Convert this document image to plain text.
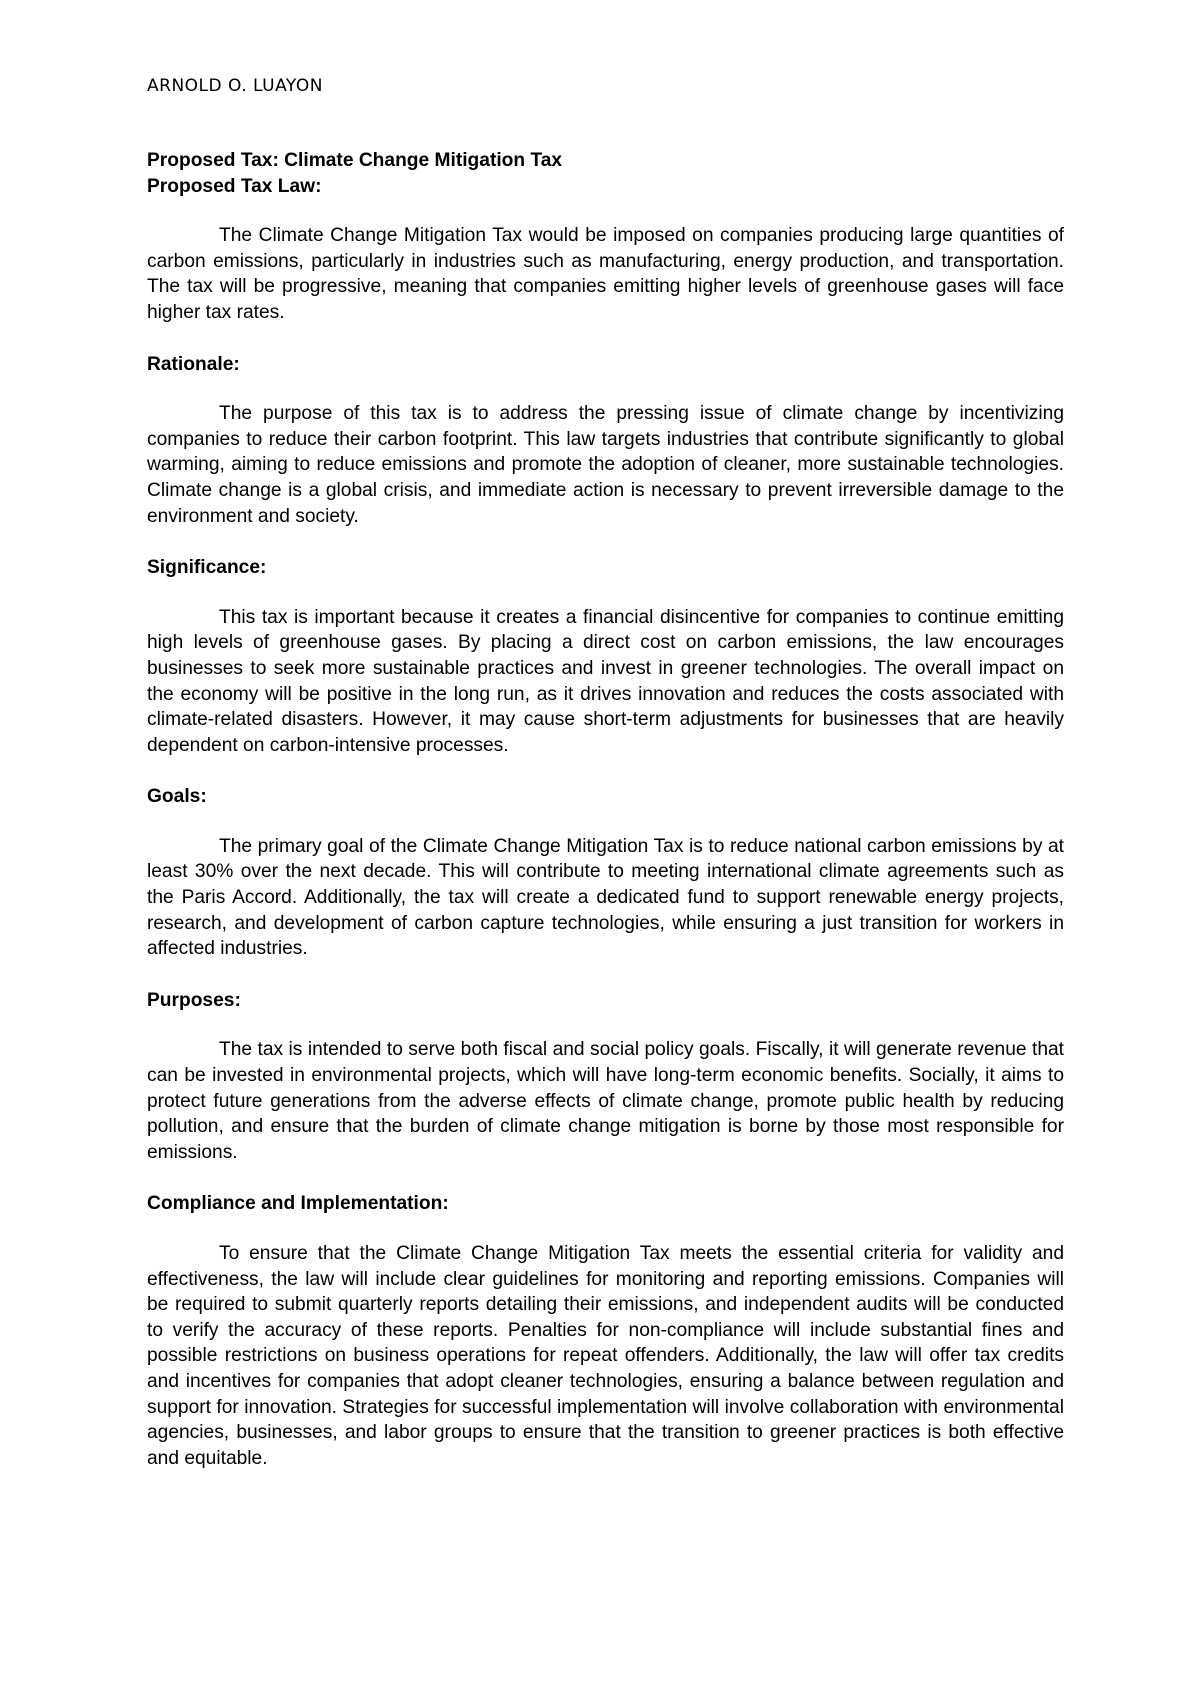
ARNOLD O. LUAYON

Proposed Tax: Climate Change Mitigation Tax

Proposed Tax Law:

The Climate Change Mitigation Tax would be imposed on companies producing large quantities of carbon emissions, particularly in industries such as manufacturing, energy production, and transportation. The tax will be progressive, meaning that companies emitting higher levels of greenhouse gases will face higher tax rates.

Rationale:

The purpose of this tax is to address the pressing issue of climate change by incentivizing companies to reduce their carbon footprint. This law targets industries that contribute significantly to global warming, aiming to reduce emissions and promote the adoption of cleaner, more sustainable technologies. Climate change is a global crisis, and immediate action is necessary to prevent irreversible damage to the environment and society.

Significance:

This tax is important because it creates a financial disincentive for companies to continue emitting high levels of greenhouse gases. By placing a direct cost on carbon emissions, the law encourages businesses to seek more sustainable practices and invest in greener technologies. The overall impact on the economy will be positive in the long run, as it drives innovation and reduces the costs associated with climate-related disasters. However, it may cause short-term adjustments for businesses that are heavily dependent on carbon-intensive processes.

Goals:

The primary goal of the Climate Change Mitigation Tax is to reduce national carbon emissions by at least 30% over the next decade. This will contribute to meeting international climate agreements such as the Paris Accord. Additionally, the tax will create a dedicated fund to support renewable energy projects, research, and development of carbon capture technologies, while ensuring a just transition for workers in affected industries.

Purposes:

The tax is intended to serve both fiscal and social policy goals. Fiscally, it will generate revenue that can be invested in environmental projects, which will have long-term economic benefits. Socially, it aims to protect future generations from the adverse effects of climate change, promote public health by reducing pollution, and ensure that the burden of climate change mitigation is borne by those most responsible for emissions.

Compliance and Implementation:

To ensure that the Climate Change Mitigation Tax meets the essential criteria for validity and effectiveness, the law will include clear guidelines for monitoring and reporting emissions. Companies will be required to submit quarterly reports detailing their emissions, and independent audits will be conducted to verify the accuracy of these reports. Penalties for non-compliance will include substantial fines and possible restrictions on business operations for repeat offenders. Additionally, the law will offer tax credits and incentives for companies that adopt cleaner technologies, ensuring a balance between regulation and support for innovation. Strategies for successful implementation will involve collaboration with environmental agencies, businesses, and labor groups to ensure that the transition to greener practices is both effective and equitable.
